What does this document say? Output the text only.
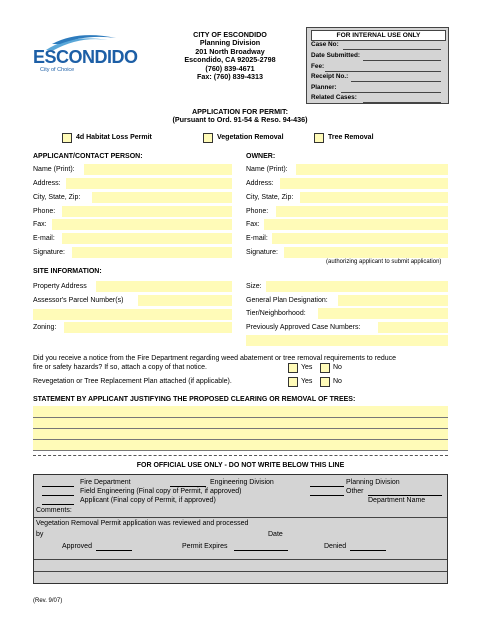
ESCONDIDO
City of Choice
CITY OF ESCONDIDO
Planning Division
201 North Broadway
Escondido, CA 92025-2798
(760) 839-4671
Fax: (760) 839-4313
APPLICATION FOR PERMIT:
(Pursuant to Ord. 91-54 & Reso. 94-436)
FOR INTERNAL USE ONLY
Case No:
Date Submitted:
Fee:
Receipt No.:
Planner:
Related Cases:
4d Habitat Loss Permit	Vegetation Removal	Tree Removal
APPLICANT/CONTACT PERSON:
Name (Print):
Address:
City, State, Zip:
Phone:
Fax:
E-mail:
Signature:
OWNER:
Name (Print):
Address:
City, State, Zip:
Phone:
Fax:
E-mail:
Signature:
(authorizing applicant to submit application)
SITE INFORMATION:
Property Address
Assessor's Parcel Number(s)
Zoning:
Size:
General Plan Designation:
Tier/Neighborhood:
Previously Approved Case Numbers:
Did you receive a notice from the Fire Department regarding weed abatement or tree removal requirements to reduce
fire or safety hazards? If so, attach a copy of that notice.	Yes	No
Revegetation or Tree Replacement Plan attached (if applicable).	Yes	No
STATEMENT BY APPLICANT JUSTIFYING THE PROPOSED CLEARING OR REMOVAL OF TREES:
FOR OFFICIAL USE ONLY - DO NOT WRITE BELOW THIS LINE
Fire Department	Engineering Division	Planning Division
Field Engineering (Final copy of Permit, if approved)	Other
Applicant (Final copy of Permit, if approved)	Department Name
Comments:
Vegetation Removal Permit application was reviewed and processed
by	Date
Approved	Permit Expires	Denied
(Rev. 9/07)
